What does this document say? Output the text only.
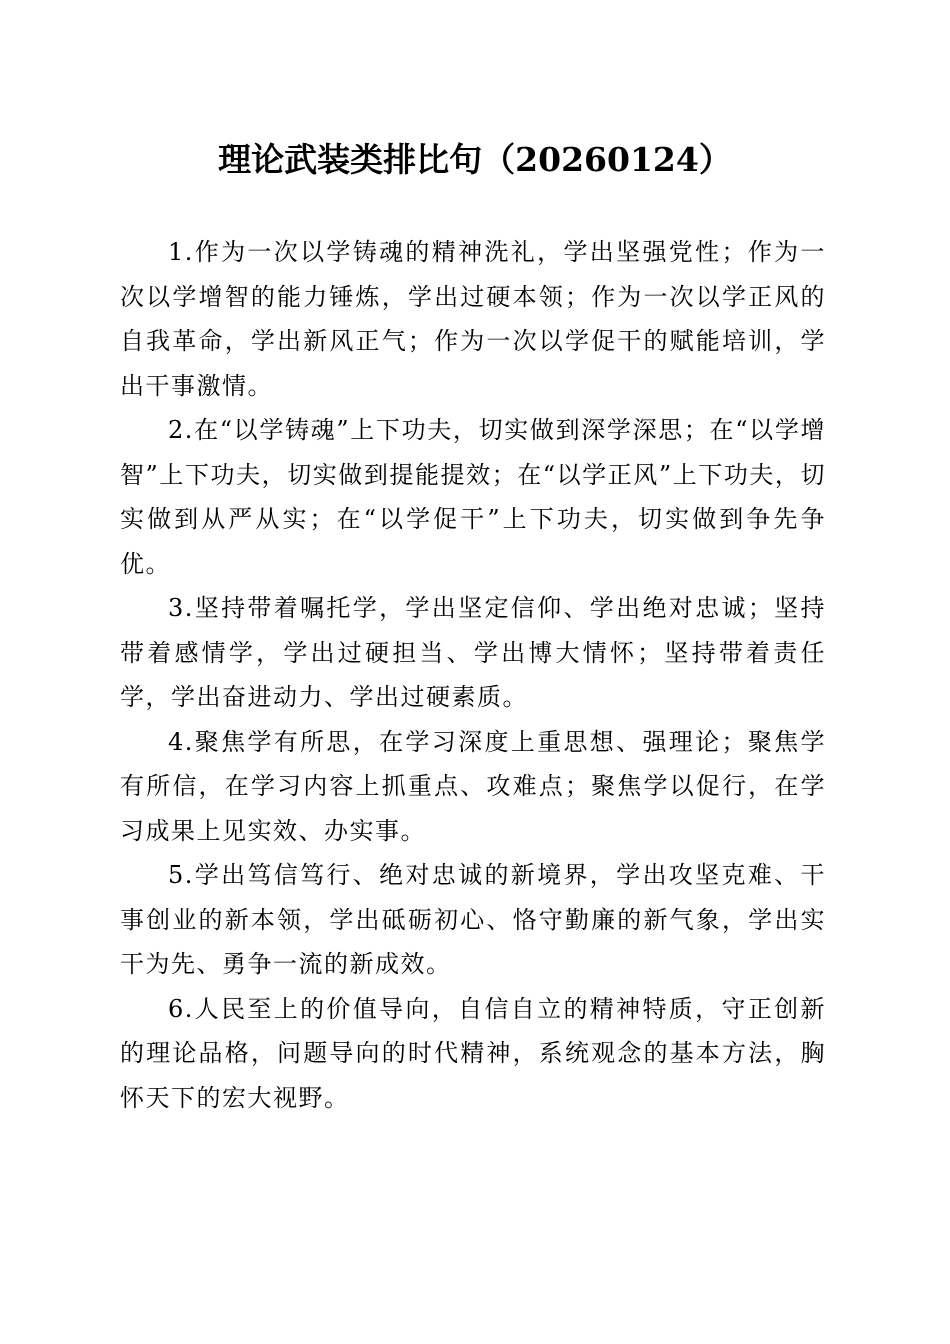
理论武装类排比句（20260124）

1.作为一次以学铸魂的精神洗礼，学出坚强党性；作为一次以学增智的能力锤炼，学出过硬本领；作为一次以学正风的自我革命，学出新风正气；作为一次以学促干的赋能培训，学出干事激情。

2.在“以学铸魂”上下功夫，切实做到深学深思；在“以学增智”上下功夫，切实做到提能提效；在“以学正风”上下功夫，切实做到从严从实；在“以学促干”上下功夫，切实做到争先争优。

3.坚持带着嘱托学，学出坚定信仰、学出绝对忠诚；坚持带着感情学，学出过硬担当、学出博大情怀；坚持带着责任学，学出奋进动力、学出过硬素质。

4.聚焦学有所思，在学习深度上重思想、强理论；聚焦学有所信，在学习内容上抓重点、攻难点；聚焦学以促行，在学习成果上见实效、办实事。

5.学出笃信笃行、绝对忠诚的新境界，学出攻坚克难、干事创业的新本领，学出砥砺初心、恪守勤廉的新气象，学出实干为先、勇争一流的新成效。

6.人民至上的价值导向，自信自立的精神特质，守正创新的理论品格，问题导向的时代精神，系统观念的基本方法，胸怀天下的宏大视野。
